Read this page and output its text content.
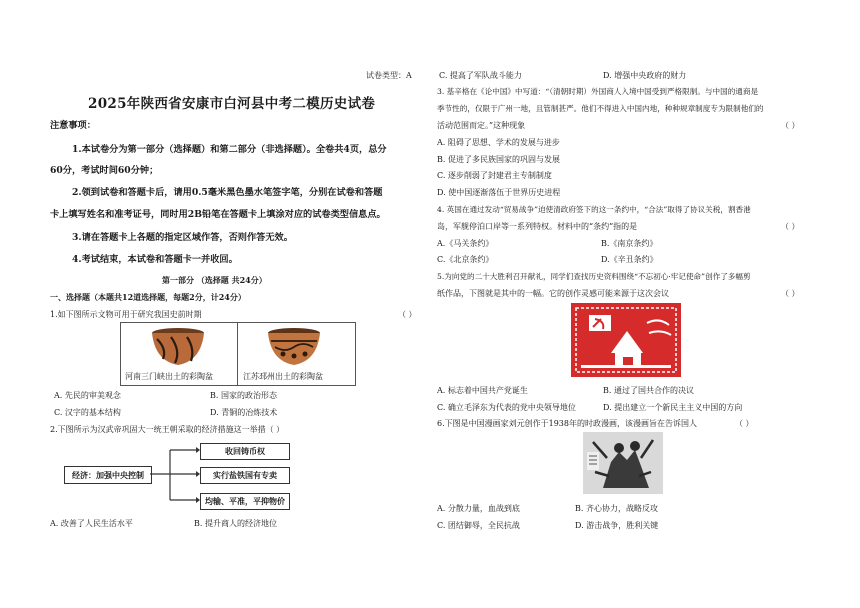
试卷类型：A
2025年陕西省安康市白河县中考二模历史试卷
注意事项：
1.本试卷分为第一部分（选择题）和第二部分（非选择题）。全卷共4页，总分
60分，考试时间60分钟；
2.领到试卷和答题卡后，请用0.5毫米黑色墨水笔签字笔，分别在试卷和答题
卡上填写姓名和准考证号，同时用2B铅笔在答题卡上填涂对应的试卷类型信息点。
3.请在答题卡上各题的指定区域作答，否则作答无效。
4.考试结束，本试卷和答题卡一并收回。
第一部分 （选择题 共24分）
一、选择题（本题共12道选择题，每题2分，计24分）
1.如下图所示文物可用于研究我国史前时期	（ ）
河南三门峡出土的彩陶盆	江苏邳州出土的彩陶盆
A. 先民的审美观念	B. 国家的政治形态
C. 汉字的基本结构	D. 青铜的冶炼技术
2.下图所示为汉武帝巩固大一统王朝采取的经济措施这一举措（ ）
经济：加强中央控制
收回铸币权
实行盐铁国有专卖
均输、平准，平抑物价
A. 改善了人民生活水平	B. 提升商人的经济地位
C. 提高了军队战斗能力	D. 增强中央政府的财力
3. 基辛格在《论中国》中写道：“（清朝时期）外国商人入境中国受到严格限制。与中国的通商是
季节性的，仅限于广州一地，且管制甚严。他们不得进入中国内地，种种规章制度专为限制他们的
活动范围而定。”这种现象	（ ）
A. 阻碍了思想、学术的发展与进步
B. 促进了多民族国家的巩固与发展
C. 逐步削弱了封建君主专制制度
D. 使中国逐渐落伍于世界历史进程
4. 英国在通过发动“贸易战争”迫使清政府签下的这一条约中，“合法”取得了协议关税，割香港
岛，军舰停泊口岸等一系列特权。材料中的“条约”指的是	（ ）
A.《马关条约》	B.《南京条约》
C.《北京条约》	D.《辛丑条约》
5.为向党的二十大胜利召开献礼，同学们查找历史资料围绕“不忘初心·牢记使命”创作了多幅剪
纸作品，下图就是其中的一幅。它的创作灵感可能来源于这次会议	（ ）
A. 标志着中国共产党诞生	B. 通过了国共合作的决议
C. 确立毛泽东为代表的党中央领导地位	D. 提出建立一个新民主主义中国的方向
6.下图是中国漫画家刘元创作于1938年的时政漫画，该漫画旨在告诉国人	（ ）
A. 分散力量，血战到底	B. 齐心协力，战略反攻
C. 团结御辱，全民抗战	D. 游击战争，胜利关键
